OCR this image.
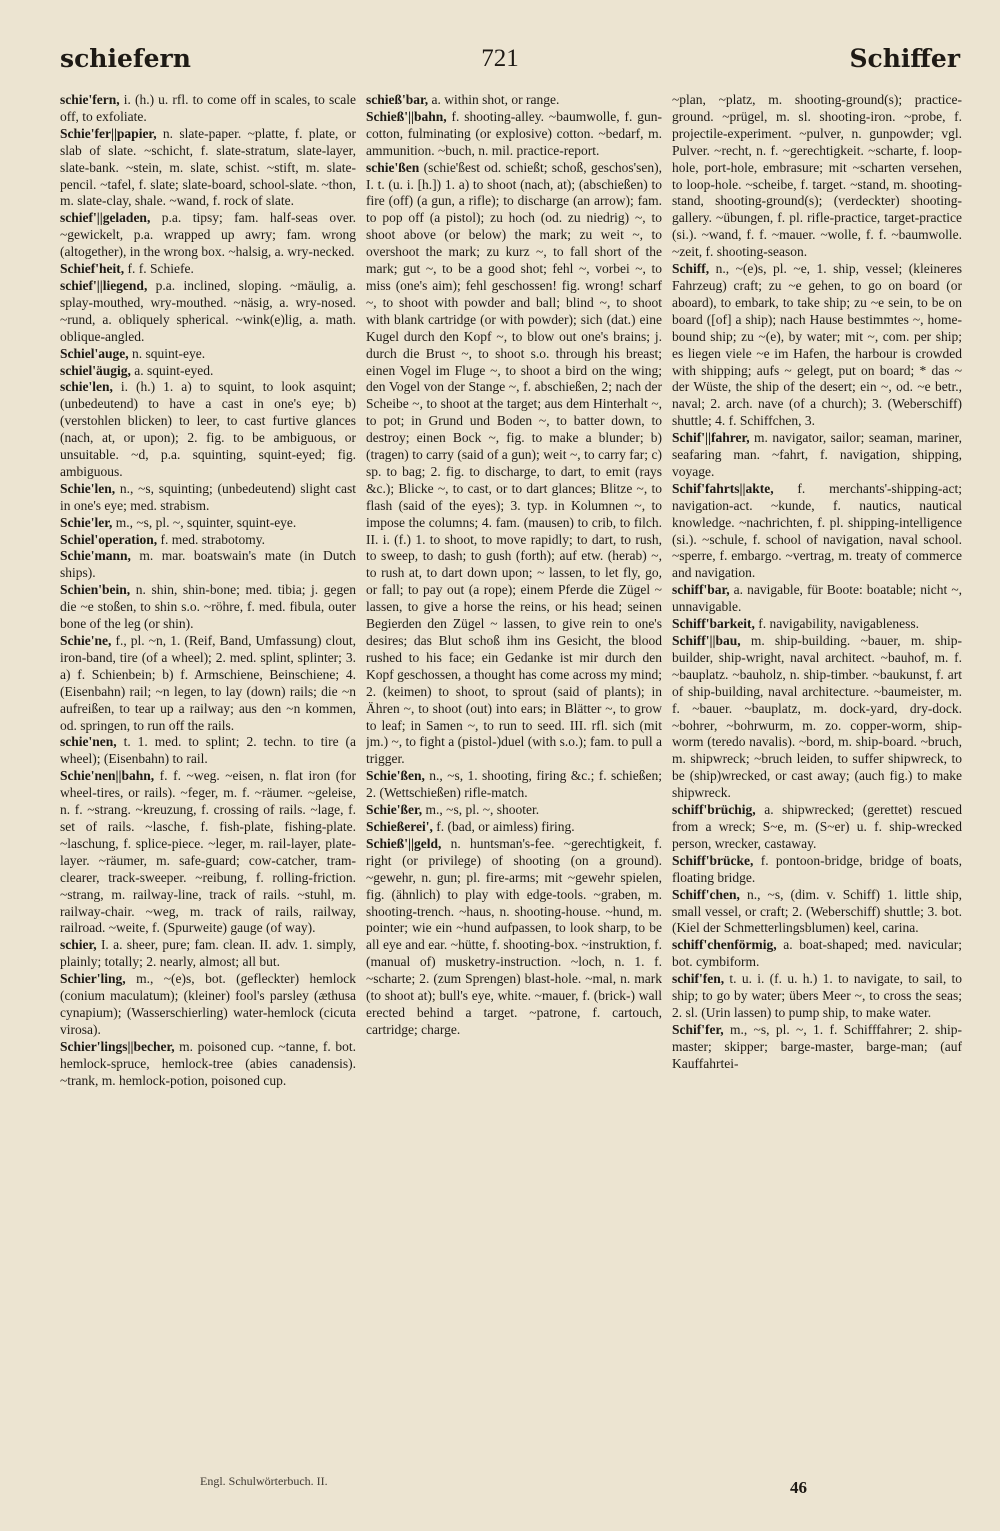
schiefern	721	Schiffer

schie'fern, i. (h.) u. rfl. to come off in scales, to scale off, to exfoliate.

Schie'fer||papier, n. slate-paper. ~platte, f. plate, or slab of slate. ~schicht, f. slate-stratum, slate-layer, slate-bank. ~stein, m. slate, schist. ~stift, m. slate-pencil. ~tafel, f. slate; slate-board, school-slate. ~thon, m. slate-clay, shale. ~wand, f. rock of slate.

schief'||geladen, p.a. tipsy; fam. half-seas over. ~gewickelt, p.a. wrapped up awry; fam. wrong (altogether), in the wrong box. ~halsig, a. wry-necked.

Schief'heit, f. f. Schiefe.

schief'||liegend, p.a. inclined, sloping. ~mäulig, a. splay-mouthed, wry-mouthed. ~näsig, a. wry-nosed. ~rund, a. obliquely spherical. ~wink(e)lig, a. math. oblique-angled.

Schiel'auge, n. squint-eye.

schiel'äugig, a. squint-eyed.

schie'len, i. (h.) 1. a) to squint, to look asquint; (unbedeutend) to have a cast in one's eye; b) (verstohlen blicken) to leer, to cast furtive glances (nach, at, or upon); 2. fig. to be ambiguous, or unsuitable. ~d, p.a. squinting, squint-eyed; fig. ambiguous.

Schie'len, n., ~s, squinting; (unbedeutend) slight cast in one's eye; med. strabism.

Schie'ler, m., ~s, pl. ~, squinter, squint-eye.

Schiel'operation, f. med. strabotomy.

Schie'mann, m. mar. boatswain's mate (in Dutch ships).

Schien'bein, n. shin, shin-bone; med. tibia; j. gegen die ~e stoßen, to shin s.o. ~röhre, f. med. fibula, outer bone of the leg (or shin).

Schie'ne, f., pl. ~n, 1. (Reif, Band, Umfassung) clout, iron-band, tire (of a wheel); 2. med. splint, splinter; 3. a) f. Schienbein; b) f. Armschiene, Beinschiene; 4. (Eisenbahn) rail; ~n legen, to lay (down) rails; die ~n aufreißen, to tear up a railway; aus den ~n kommen, od. springen, to run off the rails.

schie'nen, t. 1. med. to splint; 2. techn. to tire (a wheel); (Eisenbahn) to rail.

Schie'nen||bahn, f. f. ~weg. ~eisen, n. flat iron (for wheel-tires, or rails). ~feger, m. f. ~räumer. ~geleise, n. f. ~strang. ~kreuzung, f. crossing of rails. ~lage, f. set of rails. ~lasche, f. fish-plate, fishing-plate. ~laschung, f. splice-piece. ~leger, m. rail-layer, plate-layer. ~räumer, m. safe-guard; cow-catcher, tram-clearer, track-sweeper. ~reibung, f. rolling-friction. ~strang, m. railway-line, track of rails. ~stuhl, m. railway-chair. ~weg, m. track of rails, railway, railroad. ~weite, f. (Spurweite) gauge (of way).

schier, I. a. sheer, pure; fam. clean. II. adv. 1. simply, plainly; totally; 2. nearly, almost; all but.

Schier'ling, m., ~(e)s, bot. (gefleckter) hemlock (conium maculatum); (kleiner) fool's parsley (æthusa cynapium); (Wasserschierling) water-hemlock (cicuta virosa).

Schier'lings||becher, m. poisoned cup. ~tanne, f. bot. hemlock-spruce, hemlock-tree (abies canadensis). ~trank, m. hemlock-potion, poisoned cup.

schieß'bar, a. within shot, or range.

Schieß'||bahn, f. shooting-alley. ~baumwolle, f. gun-cotton, fulminating (or explosive) cotton. ~bedarf, m. ammunition. ~buch, n. mil. practice-report.

schie'ßen (schie'ßest od. schießt; schoß, geschos'sen), I. t. (u. i. [h.]) 1. a) to shoot (nach, at); (abschießen) to fire (off) (a gun, a rifle); to discharge (an arrow); fam. to pop off (a pistol); zu hoch (od. zu niedrig) ~, to shoot above (or below) the mark; zu weit ~, to overshoot the mark; zu kurz ~, to fall short of the mark; gut ~, to be a good shot; fehl ~, vorbei ~, to miss (one's aim); fehl geschossen! fig. wrong! scharf ~, to shoot with powder and ball; blind ~, to shoot with blank cartridge (or with powder); sich (dat.) eine Kugel durch den Kopf ~, to blow out one's brains; j. durch die Brust ~, to shoot s.o. through his breast; einen Vogel im Fluge ~, to shoot a bird on the wing; den Vogel von der Stange ~, f. abschießen, 2; nach der Scheibe ~, to shoot at the target; aus dem Hinterhalt ~, to pot; in Grund und Boden ~, to batter down, to destroy; einen Bock ~, fig. to make a blunder; b) (tragen) to carry (said of a gun); weit ~, to carry far; c) sp. to bag; 2. fig. to discharge, to dart, to emit (rays &c.); Blicke ~, to cast, or to dart glances; Blitze ~, to flash (said of the eyes); 3. typ. in Kolumnen ~, to impose the columns; 4. fam. (mausen) to crib, to filch. II. i. (f.) 1. to shoot, to move rapidly; to dart, to rush, to sweep, to dash; to gush (forth); auf etw. (herab) ~, to rush at, to dart down upon; ~ lassen, to let fly, go, or fall; to pay out (a rope); einem Pferde die Zügel ~ lassen, to give a horse the reins, or his head; seinen Begierden den Zügel ~ lassen, to give rein to one's desires; das Blut schoß ihm ins Gesicht, the blood rushed to his face; ein Gedanke ist mir durch den Kopf geschossen, a thought has come across my mind; 2. (keimen) to shoot, to sprout (said of plants); in Ähren ~, to shoot (out) into ears; in Blätter ~, to grow to leaf; in Samen ~, to run to seed. III. rfl. sich (mit jm.) ~, to fight a (pistol-)duel (with s.o.); fam. to pull a trigger.

Schie'ßen, n., ~s, 1. shooting, firing &c.; f. schießen; 2. (Wettschießen) rifle-match.

Schie'ßer, m., ~s, pl. ~, shooter.

Schießerei', f. (bad, or aimless) firing.

Schieß'||geld, n. huntsman's-fee. ~gerechtigkeit, f. right (or privilege) of shooting (on a ground). ~gewehr, n. gun; pl. fire-arms; mit ~gewehr spielen, fig. (ähnlich) to play with edge-tools. ~graben, m. shooting-trench. ~haus, n. shooting-house. ~hund, m. pointer; wie ein ~hund aufpassen, to look sharp, to be all eye and ear. ~hütte, f. shooting-box. ~instruktion, f. (manual of) musketry-instruction. ~loch, n. 1. f. ~scharte; 2. (zum Sprengen) blast-hole. ~mal, n. mark (to shoot at); bull's eye, white. ~mauer, f. (brick-) wall erected behind a target. ~patrone, f. cartouch, cartridge; charge.

~plan, ~platz, m. shooting-ground(s); practice-ground. ~prügel, m. sl. shooting-iron. ~probe, f. projectile-experiment. ~pulver, n. gunpowder; vgl. Pulver. ~recht, n. f. ~gerechtigkeit. ~scharte, f. loop-hole, port-hole, embrasure; mit ~scharten versehen, to loop-hole. ~scheibe, f. target. ~stand, m. shooting-stand, shooting-ground(s); (verdeckter) shooting-gallery. ~übungen, f. pl. rifle-practice, target-practice (si.). ~wand, f. f. ~mauer. ~wolle, f. f. ~baumwolle. ~zeit, f. shooting-season.

Schiff, n., ~(e)s, pl. ~e, 1. ship, vessel; (kleineres Fahrzeug) craft; zu ~e gehen, to go on board (or aboard), to embark, to take ship; zu ~e sein, to be on board ([of] a ship); nach Hause bestimmtes ~, home-bound ship; zu ~(e), by water; mit ~, com. per ship; es liegen viele ~e im Hafen, the harbour is crowded with shipping; aufs ~ gelegt, put on board; * das ~ der Wüste, the ship of the desert; ein ~, od. ~e betr., naval; 2. arch. nave (of a church); 3. (Weberschiff) shuttle; 4. f. Schiffchen, 3.

Schif'||fahrer, m. navigator, sailor; seaman, mariner, seafaring man. ~fahrt, f. navigation, shipping, voyage.

Schif'fahrts||akte, f. merchants'-shipping-act; navigation-act. ~kunde, f. nautics, nautical knowledge. ~nachrichten, f. pl. shipping-intelligence (si.). ~schule, f. school of navigation, naval school. ~sperre, f. embargo. ~vertrag, m. treaty of commerce and navigation.

schiff'bar, a. navigable, für Boote: boatable; nicht ~, unnavigable.

Schiff'barkeit, f. navigability, navigableness.

Schiff'||bau, m. ship-building. ~bauer, m. ship-builder, ship-wright, naval architect. ~bauhof, m. f. ~bauplatz. ~bauholz, n. ship-timber. ~baukunst, f. art of ship-building, naval architecture. ~baumeister, m. f. ~bauer. ~bauplatz, m. dock-yard, dry-dock. ~bohrer, ~bohrwurm, m. zo. copper-worm, ship-worm (teredo navalis). ~bord, m. ship-board. ~bruch, m. shipwreck; ~bruch leiden, to suffer shipwreck, to be (ship)wrecked, or cast away; (auch fig.) to make shipwreck.

schiff'brüchig, a. shipwrecked; (gerettet) rescued from a wreck; S~e, m. (S~er) u. f. ship-wrecked person, wrecker, castaway.

Schiff'brücke, f. pontoon-bridge, bridge of boats, floating bridge.

Schiff'chen, n., ~s, (dim. v. Schiff) 1. little ship, small vessel, or craft; 2. (Weberschiff) shuttle; 3. bot. (Kiel der Schmetterlingsblumen) keel, carina.

schiff'chenförmig, a. boat-shaped; med. navicular; bot. cymbiform.

schif'fen, t. u. i. (f. u. h.) 1. to navigate, to sail, to ship; to go by water; übers Meer ~, to cross the seas; 2. sl. (Urin lassen) to pump ship, to make water.

Schif'fer, m., ~s, pl. ~, 1. f. Schifffahrer; 2. ship-master; skipper; barge-master, barge-man; (auf Kauffahrtei-

Engl. Schulwörterbuch. II.	46
